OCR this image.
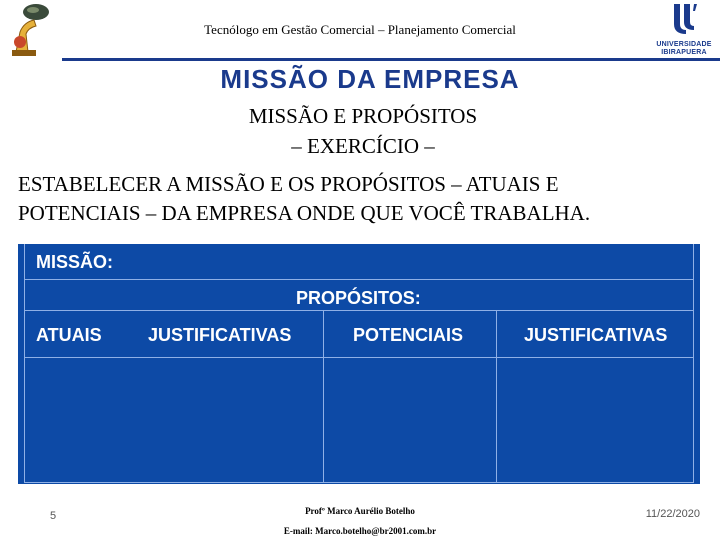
Tecnólogo em Gestão Comercial – Planejamento Comercial
UNIVERSIDADE
IBIRAPUERA
MISSÃO DA EMPRESA
MISSÃO E PROPÓSITOS
– EXERCÍCIO –
ESTABELECER A MISSÃO E OS PROPÓSITOS – ATUAIS E
POTENCIAIS – DA EMPRESA ONDE QUE VOCÊ TRABALHA.
MISSÃO:
PROPÓSITOS:
ATUAIS	JUSTIFICATIVAS	POTENCIAIS	JUSTIFICATIVAS
5	Profº Marco Aurélio Botelho
E-mail: Marco.botelho@br2001.com.br
11/22/2020
